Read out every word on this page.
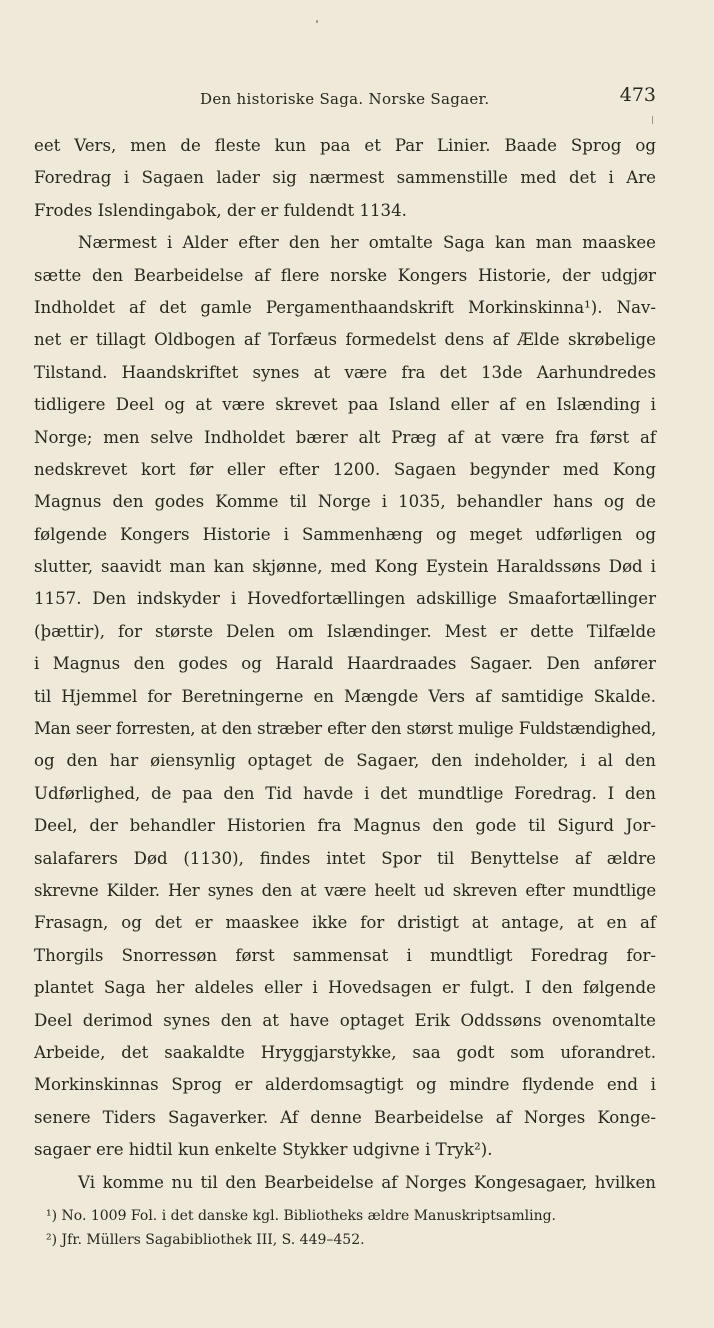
Den historiske Saga. Norske Sagaer.	473
eet Vers, men de fleste kun paa et Par Linier. Baade Sprog og
Foredrag i Sagaen lader sig nærmest sammenstille med det i Are
Frodes Islendingabok, der er fuldendt 1134.
Nærmest i Alder efter den her omtalte Saga kan man maaskee
sætte den Bearbeidelse af flere norske Kongers Historie, der udgjør
Indholdet af det gamle Pergamenthaandskrift Morkinskinna¹). Nav-
net er tillagt Oldbogen af Torfæus formedelst dens af Ælde skrøbelige
Tilstand. Haandskriftet synes at være fra det 13de Aarhundredes
tidligere Deel og at være skrevet paa Island eller af en Islænding i
Norge; men selve Indholdet bærer alt Præg af at være fra først af
nedskrevet kort før eller efter 1200. Sagaen begynder med Kong
Magnus den godes Komme til Norge i 1035, behandler hans og de
følgende Kongers Historie i Sammenhæng og meget udførligen og
slutter, saavidt man kan skjønne, med Kong Eystein Haraldssøns Død i
1157. Den indskyder i Hovedfortællingen adskillige Smaafortællinger
(þættir), for største Delen om Islændinger. Mest er dette Tilfælde
i Magnus den godes og Harald Haardraades Sagaer. Den anfører
til Hjemmel for Beretningerne en Mængde Vers af samtidige Skalde.
Man seer forresten, at den stræber efter den størst mulige Fuldstændighed,
og den har øiensynlig optaget de Sagaer, den indeholder, i al den
Udførlighed, de paa den Tid havde i det mundtlige Foredrag. I den
Deel, der behandler Historien fra Magnus den gode til Sigurd Jor-
salafarers Død (1130), findes intet Spor til Benyttelse af ældre
skrevne Kilder. Her synes den at være heelt ud skreven efter mundtlige
Frasagn, og det er maaskee ikke for dristigt at antage, at en af
Thorgils Snorressøn først sammensat i mundtligt Foredrag for-
plantet Saga her aldeles eller i Hovedsagen er fulgt. I den følgende
Deel derimod synes den at have optaget Erik Oddssøns ovenomtalte
Arbeide, det saakaldte Hryggjarstykke, saa godt som uforandret.
Morkinskinnas Sprog er alderdomsagtigt og mindre flydende end i
senere Tiders Sagaverker. Af denne Bearbeidelse af Norges Konge-
sagaer ere hidtil kun enkelte Stykker udgivne i Tryk²).
Vi komme nu til den Bearbeidelse af Norges Kongesagaer, hvilken
¹) No. 1009 Fol. i det danske kgl. Bibliotheks ældre Manuskriptsamling.
²) Jfr. Müllers Sagabibliothek III, S. 449–452.
